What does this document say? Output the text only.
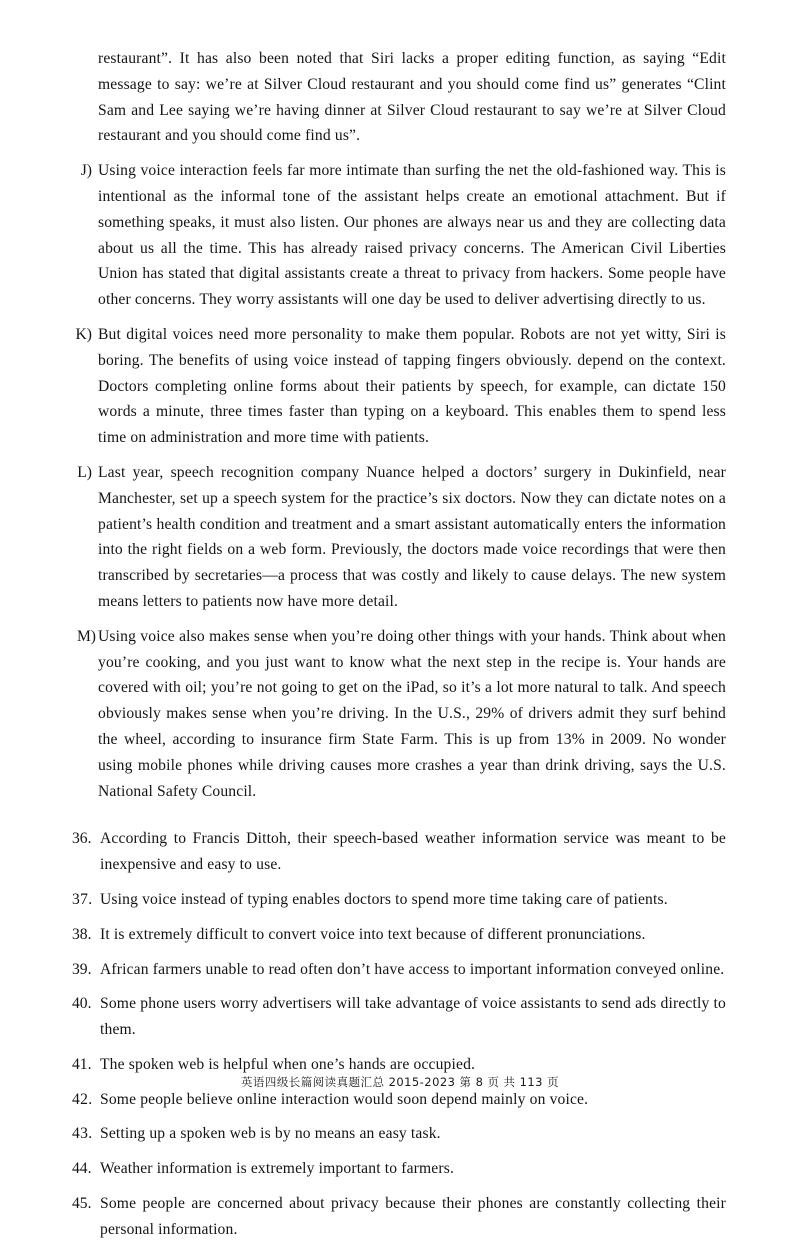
restaurant”. It has also been noted that Siri lacks a proper editing function, as saying “Edit message to say: we’re at Silver Cloud restaurant and you should come find us” generates “Clint Sam and Lee saying we’re having dinner at Silver Cloud restaurant to say we’re at Silver Cloud restaurant and you should come find us”.

J) Using voice interaction feels far more intimate than surfing the net the old-fashioned way. This is intentional as the informal tone of the assistant helps create an emotional attachment. But if something speaks, it must also listen. Our phones are always near us and they are collecting data about us all the time. This has already raised privacy concerns. The American Civil Liberties Union has stated that digital assistants create a threat to privacy from hackers. Some people have other concerns. They worry assistants will one day be used to deliver advertising directly to us.
K) But digital voices need more personality to make them popular. Robots are not yet witty, Siri is boring. The benefits of using voice instead of tapping fingers obviously. depend on the context. Doctors completing online forms about their patients by speech, for example, can dictate 150 words a minute, three times faster than typing on a keyboard. This enables them to spend less time on administration and more time with patients.
L) Last year, speech recognition company Nuance helped a doctors’ surgery in Dukinfield, near Manchester, set up a speech system for the practice’s six doctors. Now they can dictate notes on a patient’s health condition and treatment and a smart assistant automatically enters the information into the right fields on a web form. Previously, the doctors made voice recordings that were then transcribed by secretaries—a process that was costly and likely to cause delays. The new system means letters to patients now have more detail.
M) Using voice also makes sense when you’re doing other things with your hands. Think about when you’re cooking, and you just want to know what the next step in the recipe is. Your hands are covered with oil; you’re not going to get on the iPad, so it’s a lot more natural to talk. And speech obviously makes sense when you’re driving. In the U.S., 29% of drivers admit they surf behind the wheel, according to insurance firm State Farm. This is up from 13% in 2009. No wonder using mobile phones while driving causes more crashes a year than drink driving, says the U.S. National Safety Council.
36. According to Francis Dittoh, their speech-based weather information service was meant to be inexpensive and easy to use.
37. Using voice instead of typing enables doctors to spend more time taking care of patients.
38. It is extremely difficult to convert voice into text because of different pronunciations.
39. African farmers unable to read often don’t have access to important information conveyed online.
40. Some phone users worry advertisers will take advantage of voice assistants to send ads directly to them.
41. The spoken web is helpful when one’s hands are occupied.
42. Some people believe online interaction would soon depend mainly on voice.
43. Setting up a spoken web is by no means an easy task.
44. Weather information is extremely important to farmers.
45. Some people are concerned about privacy because their phones are constantly collecting their personal information.
英语四级长篇阅读真题汇总 2015-2023 第 8 页 共 113 页
